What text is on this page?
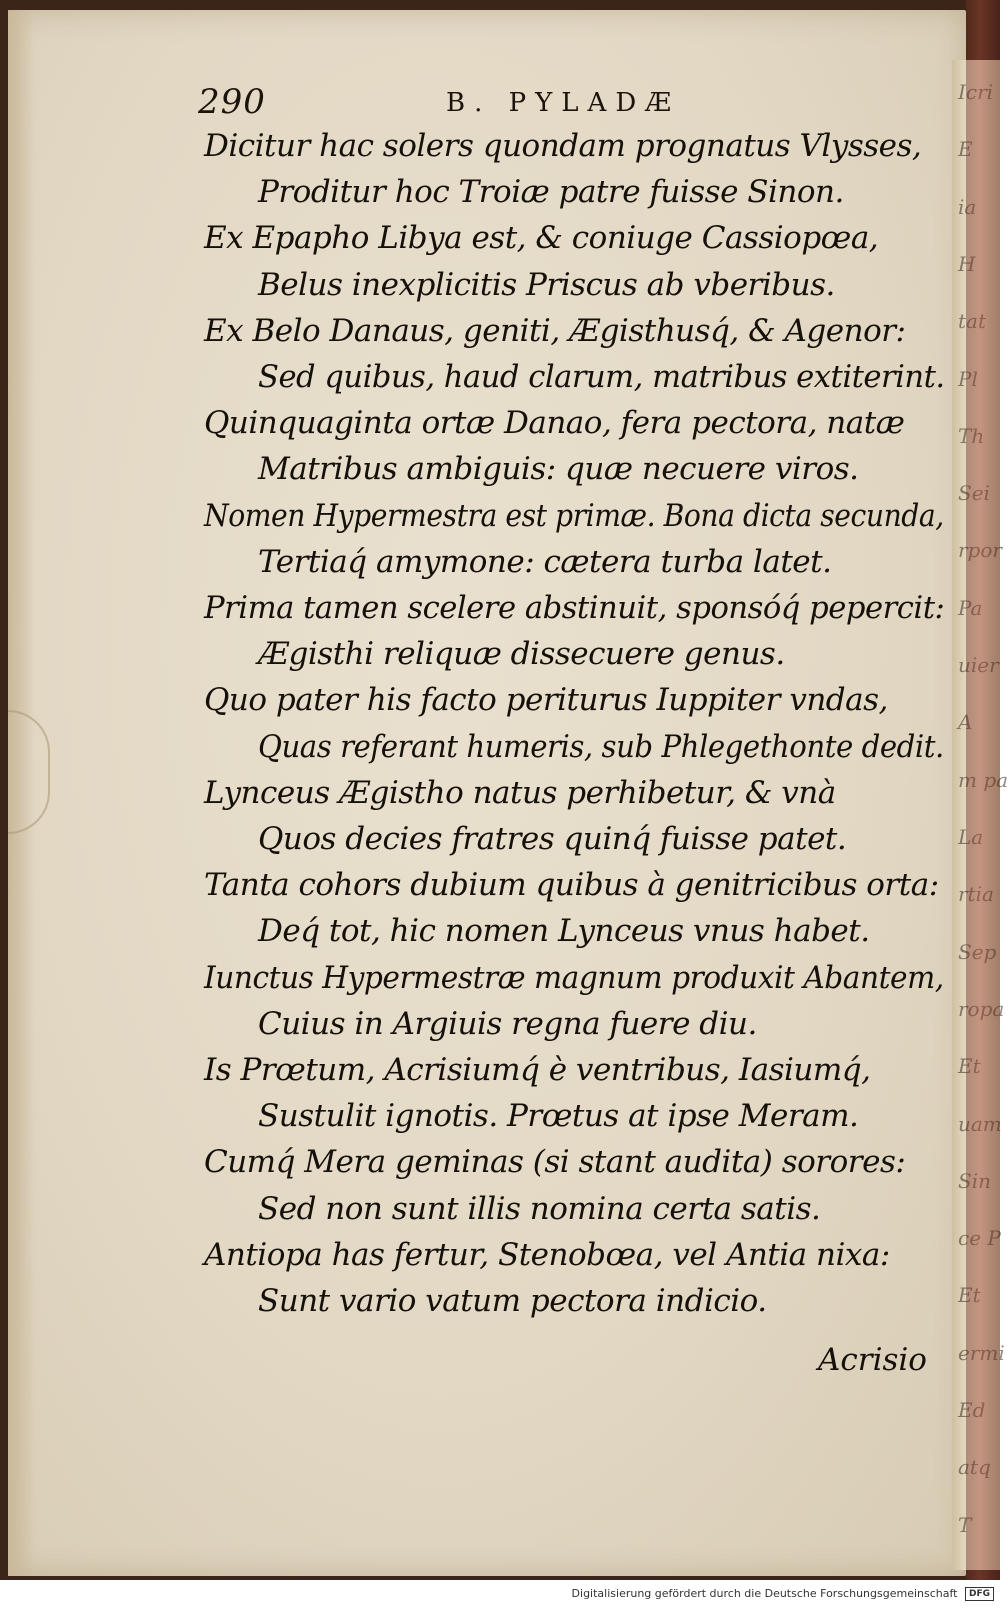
290	B. PYLADÆ
Dicitur hac solers quondam prognatus Vlysses,
Proditur hoc Troiæ patre fuisse Sinon.
Ex Epapho Libya est, & coniuge Cassiopœa,
Belus inexplicitis Priscus ab vberibus.
Ex Belo Danaus, geniti, Ægisthusq́, & Agenor:
Sed quibus, haud clarum, matribus extiterint.
Quinquaginta ortæ Danao, fera pectora, natæ
Matribus ambiguis: quæ necuere viros.
Nomen Hypermestra est primæ. Bona dicta secunda,
Tertiaq́ amymone: cætera turba latet.
Prima tamen scelere abstinuit, sponsóq́ pepercit:
Ægisthi reliquæ dissecuere genus.
Quo pater his facto periturus Iuppiter vndas,
Quas referant humeris, sub Phlegethonte dedit.
Lynceus Ægistho natus perhibetur, & vnà
Quos decies fratres quinq́ fuisse patet.
Tanta cohors dubium quibus à genitricibus orta:
Deq́ tot, hic nomen Lynceus vnus habet.
Iunctus Hypermestræ magnum produxit Abantem,
Cuius in Argiuis regna fuere diu.
Is Prœtum, Acrisiumq́ è ventribus, Iasiumq́,
Sustulit ignotis. Prœtus at ipse Meram.
Cumq́ Mera geminas (si stant audita) sorores:
Sed non sunt illis nomina certa satis.
Antiopa has fertur, Stenobœa, vel Antia nixa:
Sunt vario vatum pectora indicio.
Acrisio
Icri
E
ia
H
tat
Pl
Th
Sei
rpor
Pa
uier
A
m pa
La
rtia
Sep
ropa
Et
uam
Sin
ce P
Et
ermi
Ed
atq
T
Digitalisierung gefördert durch die Deutsche Forschungsgemeinschaft DFG
